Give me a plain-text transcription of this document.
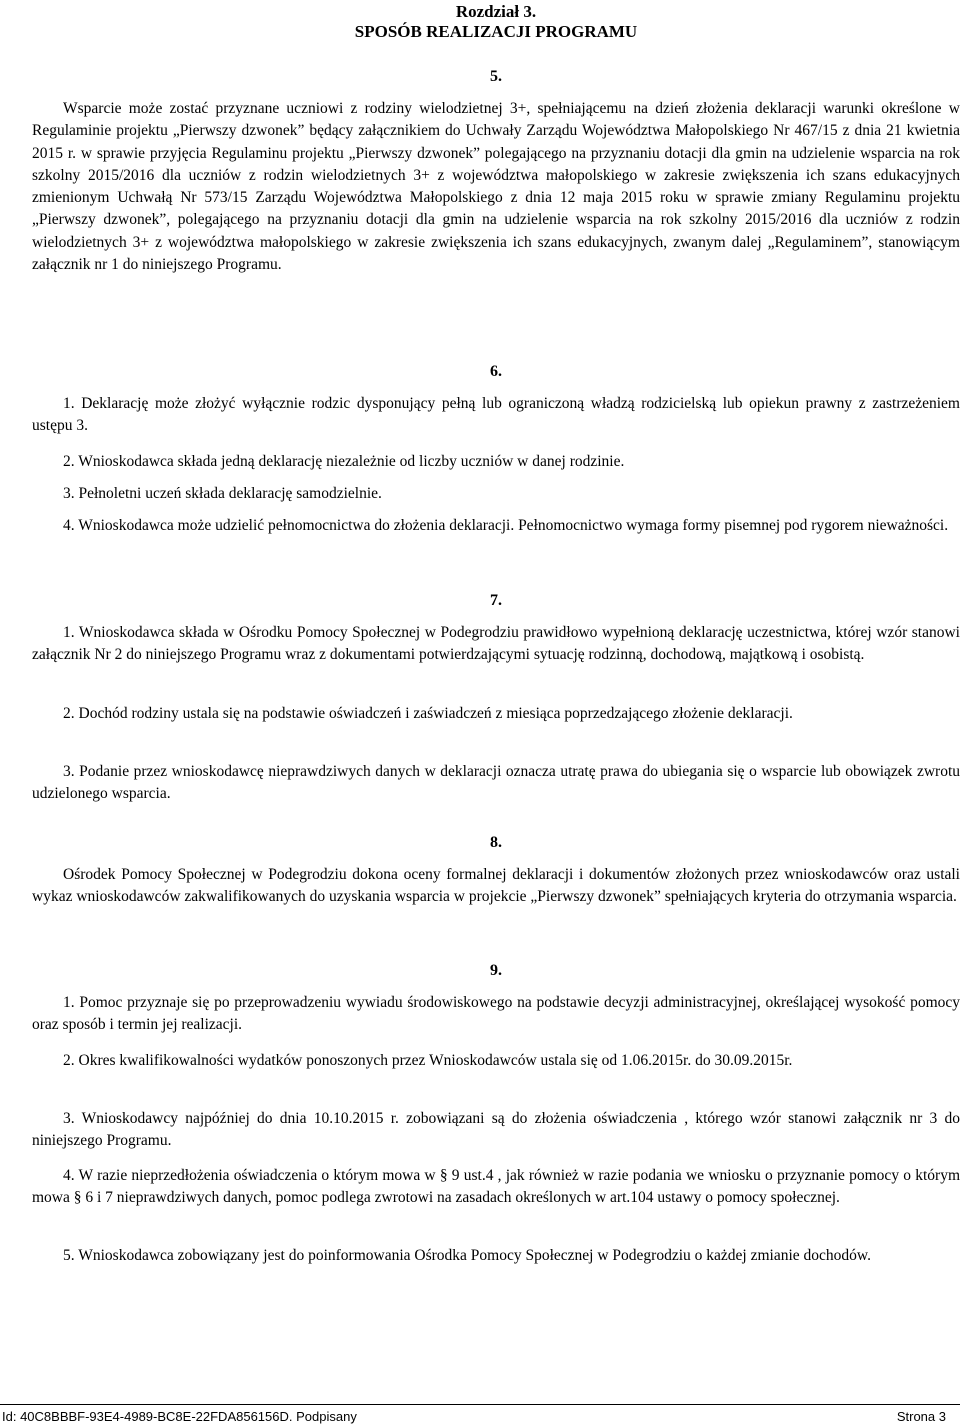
Rozdział 3.
SPOSÓB REALIZACJI PROGRAMU
5.
Wsparcie może zostać przyznane uczniowi z rodziny wielodzietnej 3+, spełniającemu na dzień złożenia deklaracji warunki określone w Regulaminie projektu „Pierwszy dzwonek” będący załącznikiem do Uchwały Zarządu Województwa Małopolskiego Nr 467/15 z dnia 21 kwietnia 2015 r. w sprawie przyjęcia Regulaminu projektu „Pierwszy dzwonek” polegającego na przyznaniu dotacji dla gmin na udzielenie wsparcia na rok szkolny 2015/2016 dla uczniów z rodzin wielodzietnych 3+ z województwa małopolskiego w zakresie zwiększenia ich szans edukacyjnych zmienionym Uchwałą Nr 573/15 Zarządu Województwa Małopolskiego z dnia 12 maja 2015 roku w sprawie zmiany Regulaminu projektu „Pierwszy dzwonek”, polegającego na przyznaniu dotacji dla gmin na udzielenie wsparcia na rok szkolny 2015/2016 dla uczniów z rodzin wielodzietnych 3+ z województwa małopolskiego w zakresie zwiększenia ich szans edukacyjnych, zwanym dalej „Regulaminem”, stanowiącym załącznik nr 1 do niniejszego Programu.
6.
1. Deklarację może złożyć wyłącznie rodzic dysponujący pełną lub ograniczoną władzą rodzicielską lub opiekun prawny z zastrzeżeniem ustępu 3.
2. Wnioskodawca składa jedną deklarację niezależnie od liczby uczniów w danej rodzinie.
3. Pełnoletni uczeń składa deklarację samodzielnie.
4. Wnioskodawca może udzielić pełnomocnictwa do złożenia deklaracji. Pełnomocnictwo wymaga formy pisemnej pod rygorem nieważności.
7.
1. Wnioskodawca składa w Ośrodku Pomocy Społecznej w Podegrodziu prawidłowo wypełnioną deklarację uczestnictwa, której wzór stanowi załącznik Nr 2 do niniejszego Programu wraz z dokumentami potwierdzającymi sytuację rodzinną, dochodową, majątkową i osobistą.
2. Dochód rodziny ustala się na podstawie oświadczeń i zaświadczeń z miesiąca poprzedzającego złożenie deklaracji.
3. Podanie przez wnioskodawcę nieprawdziwych danych w deklaracji oznacza utratę prawa do ubiegania się o wsparcie lub obowiązek zwrotu udzielonego wsparcia.
8.
Ośrodek Pomocy Społecznej w Podegrodziu dokona oceny formalnej deklaracji i dokumentów złożonych przez wnioskodawców oraz ustali wykaz wnioskodawców zakwalifikowanych do uzyskania wsparcia w projekcie „Pierwszy dzwonek” spełniających kryteria do otrzymania wsparcia.
9.
1. Pomoc przyznaje się po przeprowadzeniu wywiadu środowiskowego na podstawie decyzji administracyjnej, określającej wysokość pomocy oraz sposób i termin jej realizacji.
2. Okres kwalifikowalności wydatków ponoszonych przez Wnioskodawców ustala się od 1.06.2015r. do 30.09.2015r.
3. Wnioskodawcy najpóźniej do dnia 10.10.2015 r. zobowiązani są do złożenia oświadczenia , którego wzór stanowi załącznik nr 3 do niniejszego Programu.
4. W razie nieprzedłożenia oświadczenia o którym mowa w § 9 ust.4 , jak również w razie podania we wniosku o przyznanie pomocy o którym mowa § 6 i 7 nieprawdziwych danych, pomoc podlega zwrotowi na zasadach określonych w art.104 ustawy o pomocy społecznej.
5. Wnioskodawca zobowiązany jest do poinformowania Ośrodka Pomocy Społecznej w Podegrodziu o każdej zmianie dochodów.
Id: 40C8BBBF-93E4-4989-BC8E-22FDA856156D. Podpisany	Strona 3
